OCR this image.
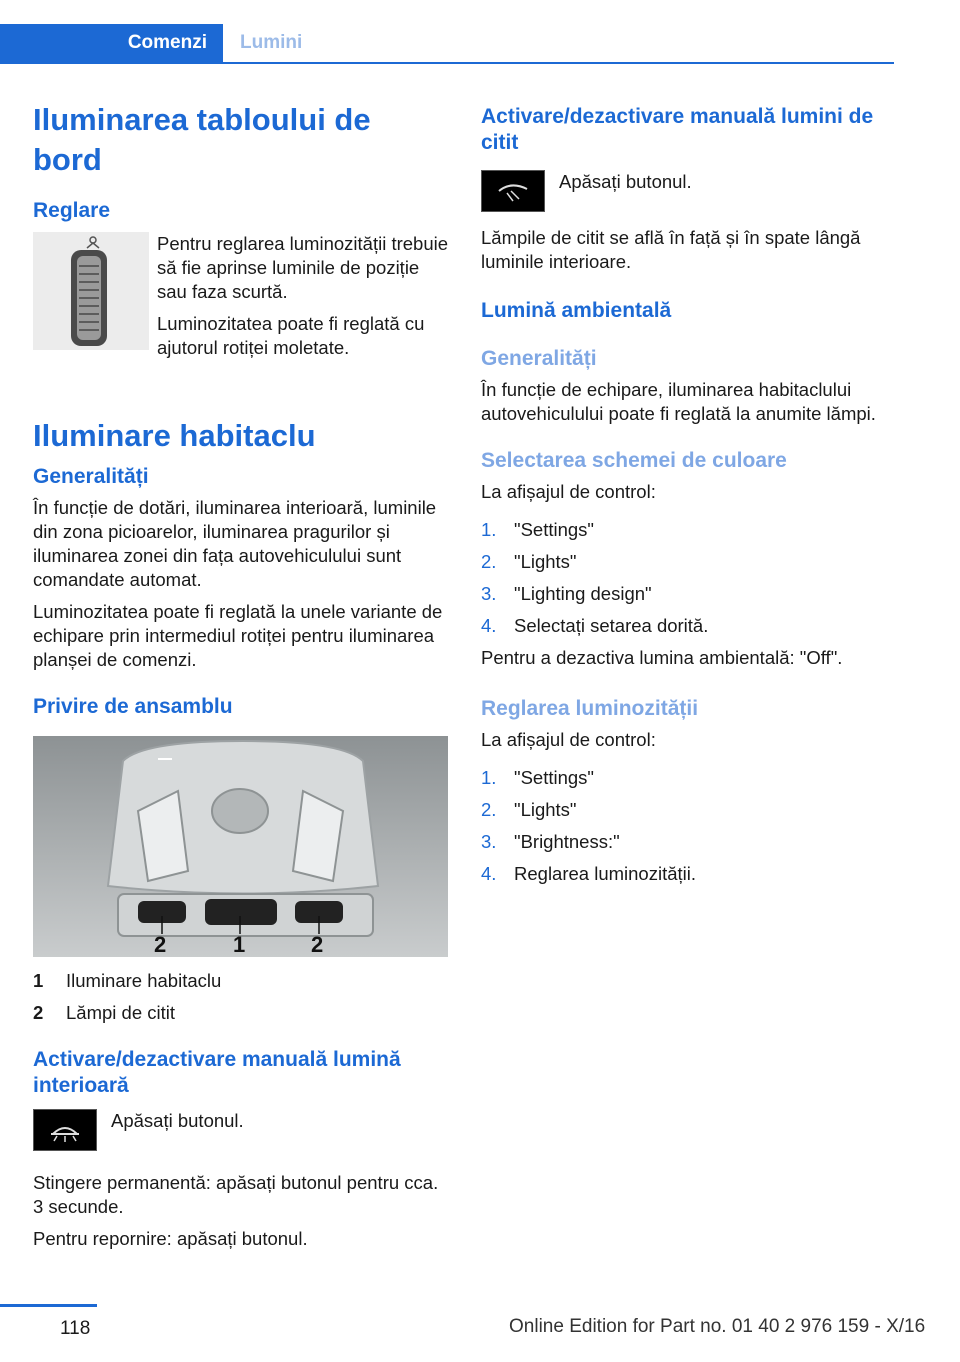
Comenzi	Lumini
Iluminarea tabloului de bord
Reglare

Pentru reglarea luminozității trebuie să fie aprinse luminile de poziție sau faza scurtă.

Luminozitatea poate fi reglată cu ajutorul rotiței moletate.

Iluminare habitaclu
Generalități

În funcție de dotări, iluminarea interioară, luminile din zona picioarelor, iluminarea pragurilor și iluminarea zonei din fața autovehiculului sunt comandate automat.

Luminozitatea poate fi reglată la unele variante de echipare prin intermediul rotiței pentru iluminarea planșei de comenzi.

Privire de ansamblu
2	1	2
1	Iluminare habitaclu
2	Lămpi de citit
Activare/dezactivare manuală lumină interioară

Apăsați butonul.

Stingere permanentă: apăsați butonul pentru cca. 3 secunde.

Pentru repornire: apăsați butonul.

Activare/dezactivare manuală lumini de citit

Apăsați butonul.

Lămpile de citit se află în față și în spate lângă luminile interioare.

Lumină ambientală
Generalități

În funcție de echipare, iluminarea habitaclului autovehiculului poate fi reglată la anumite lămpi.

Selectarea schemei de culoare

La afișajul de control:

1. "Settings"
2. "Lights"
3. "Lighting design"
4. Selectați setarea dorită.

Pentru a dezactiva lumina ambientală: "Off".

Reglarea luminozității

La afișajul de control:

1. "Settings"
2. "Lights"
3. "Brightness:"
4. Reglarea luminozității.
118	Online Edition for Part no. 01 40 2 976 159 - X/16
